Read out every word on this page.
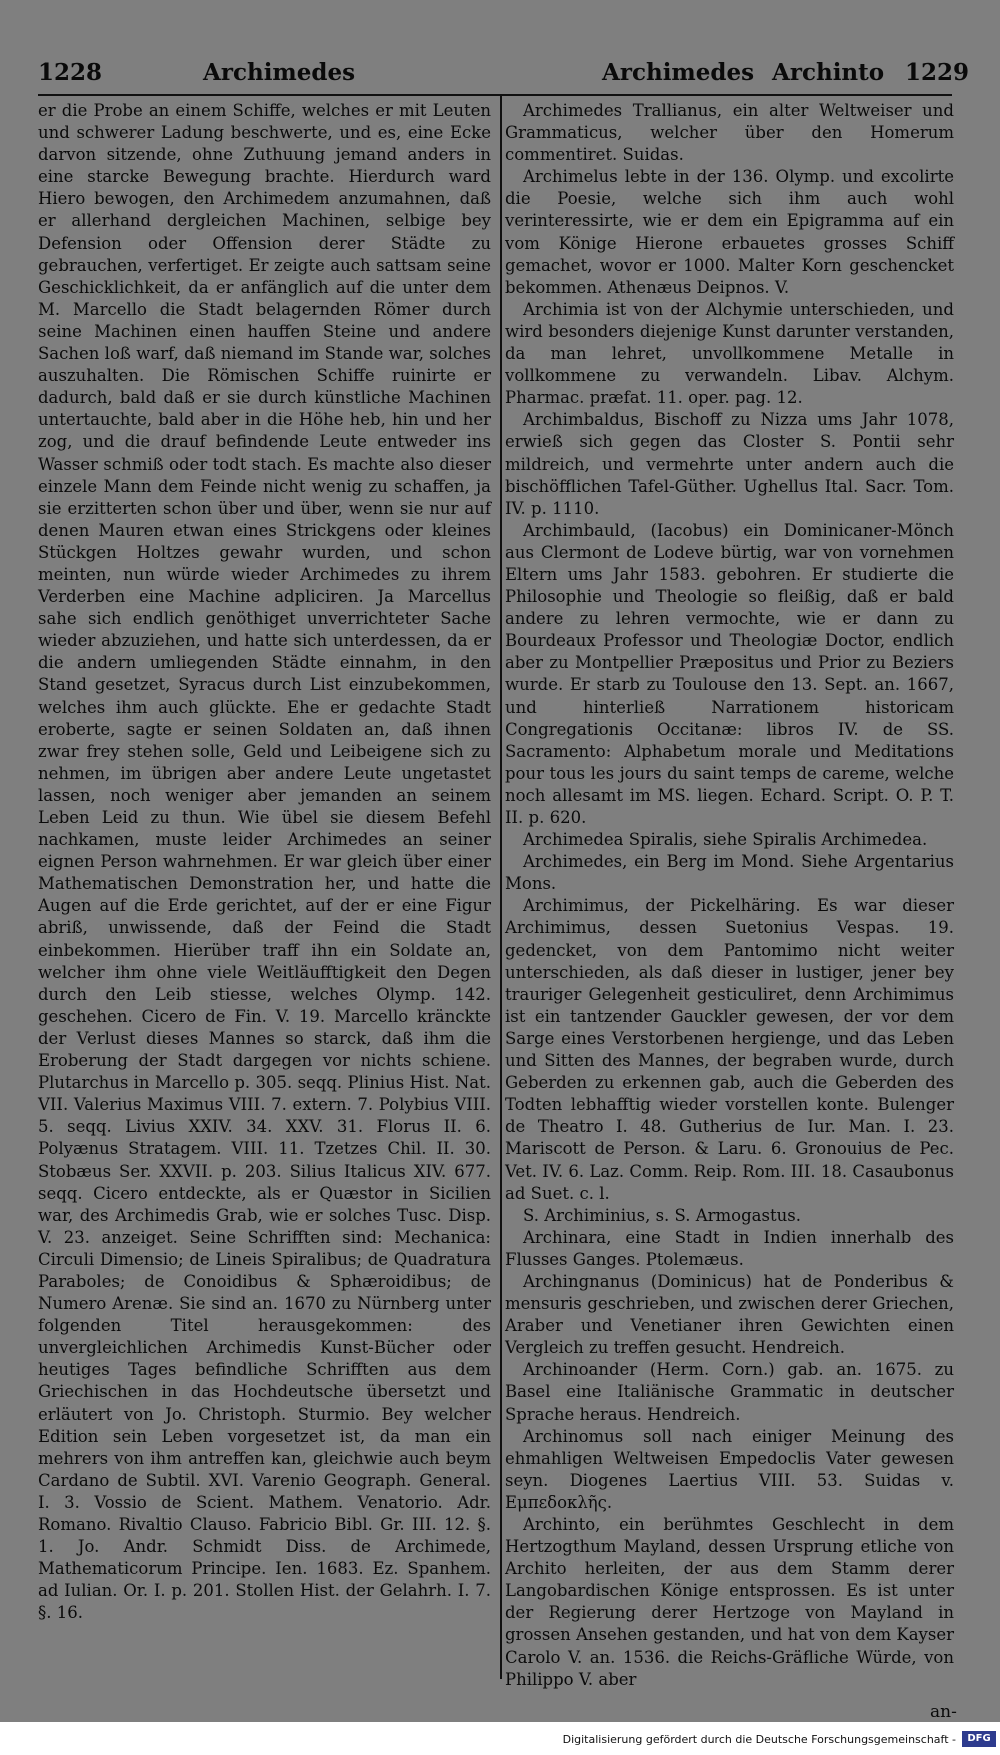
1228	Archimedes	Archimedes Archinto 1229

er die Probe an einem Schiffe, welches er mit Leuten und schwerer Ladung beschwerte, und es, eine Ecke darvon sitzende, ohne Zuthuung jemand anders in eine starcke Bewegung brachte. Hierdurch ward Hiero bewogen, den Archimedem anzumahnen, daß er allerhand dergleichen Machinen, selbige bey Defension oder Offension derer Städte zu gebrauchen, verfertiget. Er zeigte auch sattsam seine Geschicklichkeit, da er anfänglich auf die unter dem M. Marcello die Stadt belagernden Römer durch seine Machinen einen hauffen Steine und andere Sachen loß warf, daß niemand im Stande war, solches auszuhalten. Die Römischen Schiffe ruinirte er dadurch, bald daß er sie durch künstliche Machinen untertauchte, bald aber in die Höhe heb, hin und her zog, und die drauf befindende Leute entweder ins Wasser schmiß oder todt stach. Es machte also dieser einzele Mann dem Feinde nicht wenig zu schaffen, ja sie erzitterten schon über und über, wenn sie nur auf denen Mauren etwan eines Strickgens oder kleines Stückgen Holtzes gewahr wurden, und schon meinten, nun würde wieder Archimedes zu ihrem Verderben eine Machine adpliciren. Ja Marcellus sahe sich endlich genöthiget unverrichteter Sache wieder abzuziehen, und hatte sich unterdessen, da er die andern umliegenden Städte einnahm, in den Stand gesetzet, Syracus durch List einzubekommen, welches ihm auch glückte. Ehe er gedachte Stadt eroberte, sagte er seinen Soldaten an, daß ihnen zwar frey stehen solle, Geld und Leibeigene sich zu nehmen, im übrigen aber andere Leute ungetastet lassen, noch weniger aber jemanden an seinem Leben Leid zu thun. Wie übel sie diesem Befehl nachkamen, muste leider Archimedes an seiner eignen Person wahrnehmen. Er war gleich über einer Mathematischen Demonstration her, und hatte die Augen auf die Erde gerichtet, auf der er eine Figur abriß, unwissende, daß der Feind die Stadt einbekommen. Hierüber traff ihn ein Soldate an, welcher ihm ohne viele Weitläufftigkeit den Degen durch den Leib stiesse, welches Olymp. 142. geschehen. Cicero de Fin. V. 19. Marcello kränckte der Verlust dieses Mannes so starck, daß ihm die Eroberung der Stadt dargegen vor nichts schiene. Plutarchus in Marcello p. 305. seqq. Plinius Hist. Nat. VII. Valerius Maximus VIII. 7. extern. 7. Polybius VIII. 5. seqq. Livius XXIV. 34. XXV. 31. Florus II. 6. Polyænus Stratagem. VIII. 11. Tzetzes Chil. II. 30. Stobæus Ser. XXVII. p. 203. Silius Italicus XIV. 677. seqq. Cicero entdeckte, als er Quæstor in Sicilien war, des Archimedis Grab, wie er solches Tusc. Disp. V. 23. anzeiget. Seine Schrifften sind: Mechanica: Circuli Dimensio; de Lineis Spiralibus; de Quadratura Paraboles; de Conoidibus & Sphæroidibus; de Numero Arenæ. Sie sind an. 1670 zu Nürnberg unter folgenden Titel herausgekommen: des unvergleichlichen Archimedis Kunst-Bücher oder heutiges Tages befindliche Schrifften aus dem Griechischen in das Hochdeutsche übersetzt und erläutert von Jo. Christoph. Sturmio. Bey welcher Edition sein Leben vorgesetzet ist, da man ein mehrers von ihm antreffen kan, gleichwie auch beym Cardano de Subtil. XVI. Varenio Geograph. General. I. 3. Vossio de Scient. Mathem. Venatorio. Adr. Romano. Rivaltio Clauso. Fabricio Bibl. Gr. III. 12. §. 1. Jo. Andr. Schmidt Diss. de Archimede, Mathematicorum Principe. Ien. 1683. Ez. Spanhem. ad Iulian. Or. I. p. 201. Stollen Hist. der Gelahrh. I. 7. §. 16.

Archimedes Trallianus, ein alter Weltweiser und Grammaticus, welcher über den Homerum commentiret. Suidas.

Archimelus lebte in der 136. Olymp. und excolirte die Poesie, welche sich ihm auch wohl verinteressirte, wie er dem ein Epigramma auf ein vom Könige Hierone erbauetes grosses Schiff gemachet, wovor er 1000. Malter Korn geschencket bekommen. Athenæus Deipnos. V.

Archimia ist von der Alchymie unterschieden, und wird besonders diejenige Kunst darunter verstanden, da man lehret, unvollkommene Metalle in vollkommene zu verwandeln. Libav. Alchym. Pharmac. præfat. 11. oper. pag. 12.

Archimbaldus, Bischoff zu Nizza ums Jahr 1078, erwieß sich gegen das Closter S. Pontii sehr mildreich, und vermehrte unter andern auch die bischöfflichen Tafel-Güther. Ughellus Ital. Sacr. Tom. IV. p. 1110.

Archimbauld, (Iacobus) ein Dominicaner-Mönch aus Clermont de Lodeve bürtig, war von vornehmen Eltern ums Jahr 1583. gebohren. Er studierte die Philosophie und Theologie so fleißig, daß er bald andere zu lehren vermochte, wie er dann zu Bourdeaux Professor und Theologiæ Doctor, endlich aber zu Montpellier Præpositus und Prior zu Beziers wurde. Er starb zu Toulouse den 13. Sept. an. 1667, und hinterließ Narrationem historicam Congregationis Occitanæ: libros IV. de SS. Sacramento: Alphabetum morale und Meditations pour tous les jours du saint temps de careme, welche noch allesamt im MS. liegen. Echard. Script. O. P. T. II. p. 620.

Archimedea Spiralis, siehe Spiralis Archimedea.

Archimedes, ein Berg im Mond. Siehe Argentarius Mons.

Archimimus, der Pickelhäring. Es war dieser Archimimus, dessen Suetonius Vespas. 19. gedencket, von dem Pantomimo nicht weiter unterschieden, als daß dieser in lustiger, jener bey trauriger Gelegenheit gesticuliret, denn Archimimus ist ein tantzender Gauckler gewesen, der vor dem Sarge eines Verstorbenen hergienge, und das Leben und Sitten des Mannes, der begraben wurde, durch Geberden zu erkennen gab, auch die Geberden des Todten lebhafftig wieder vorstellen konte. Bulenger de Theatro I. 48. Gutherius de Iur. Man. I. 23. Mariscott de Person. & Laru. 6. Gronouius de Pec. Vet. IV. 6. Laz. Comm. Reip. Rom. III. 18. Casaubonus ad Suet. c. l.

S. Archiminius, s. S. Armogastus.

Archinara, eine Stadt in Indien innerhalb des Flusses Ganges. Ptolemæus.

Archingnanus (Dominicus) hat de Ponderibus & mensuris geschrieben, und zwischen derer Griechen, Araber und Venetianer ihren Gewichten einen Vergleich zu treffen gesucht. Hendreich.

Archinoander (Herm. Corn.) gab. an. 1675. zu Basel eine Italiänische Grammatic in deutscher Sprache heraus. Hendreich.

Archinomus soll nach einiger Meinung des ehmahligen Weltweisen Empedoclis Vater gewesen seyn. Diogenes Laertius VIII. 53. Suidas v. Εμπεδοκλῆς.

Archinto, ein berühmtes Geschlecht in dem Hertzogthum Mayland, dessen Ursprung etliche von Archito herleiten, der aus dem Stamm derer Langobardischen Könige entsprossen. Es ist unter der Regierung derer Hertzoge von Mayland in grossen Ansehen gestanden, und hat von dem Kayser Carolo V. an. 1536. die Reichs-Gräfliche Würde, von Philippo V. aber

an-
Digitalisierung gefördert durch die Deutsche Forschungsgemeinschaft -	DFG
